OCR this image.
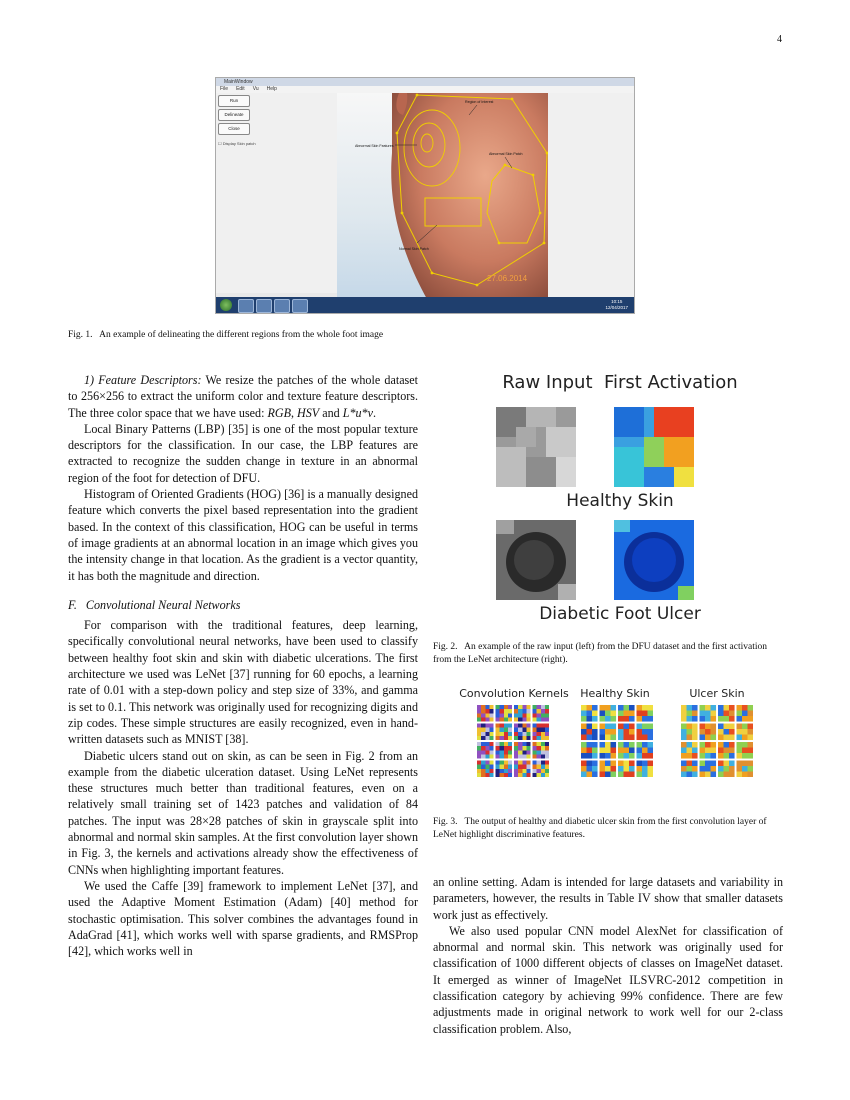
4
MainWindow
File Edit Vu Help
Run
Delineate
Close
☐ Display Skin patch
Region of Interest
Abnormal Skin Features
Abnormal Skin Patch
Normal Skin Patch
27.06.2014
10:15
12/04/2017
Fig. 1.  An example of delineating the different regions from the whole foot image

1) Feature Descriptors: We resize the patches of the whole dataset to 256×256 to extract the uniform color and texture feature descriptors. The three color space that we have used: RGB, HSV and L*u*v.

Local Binary Patterns (LBP) [35] is one of the most popular texture descriptors for the classification. In our case, the LBP features are extracted to recognize the sudden change in texture in an abnormal region of the foot for detection of DFU.

Histogram of Oriented Gradients (HOG) [36] is a manually designed feature which converts the pixel based representation into the gradient based. In the context of this classification, HOG can be useful in terms of image gradients at an abnormal location in an image which gives you the intensity change in that location. As the gradient is a vector quantity, it has both the magnitude and direction.

F.  Convolutional Neural Networks

For comparison with the traditional features, deep learning, specifically convolutional neural networks, have been used to classify between healthy foot skin and skin with diabetic ulcerations. The first architecture we used was LeNet [37] running for 60 epochs, a learning rate of 0.01 with a step-down policy and step size of 33%, and gamma is set to 0.1. This network was originally used for recognizing digits and zip codes. These simple structures are easily recognized, even in hand-written datasets such as MNIST [38].

Diabetic ulcers stand out on skin, as can be seen in Fig. 2 from an example from the diabetic ulceration dataset. Using LeNet represents these structures much better than traditional features, even on a relatively small training set of 1423 patches and validation of 84 patches. The input was 28×28 patches of skin in grayscale split into abnormal and normal skin samples. At the first convolution layer shown in Fig. 3, the kernels and activations already show the effectiveness of CNNs when highlighting important features.

We used the Caffe [39] framework to implement LeNet [37], and used the Adaptive Moment Estimation (Adam) [40] method for stochastic optimisation. This solver combines the advantages found in AdaGrad [41], which works well with sparse gradients, and RMSProp [42], which works well in

Raw Input First Activation
Healthy Skin
Diabetic Foot Ulcer
Fig. 2.  An example of the raw input (left) from the DFU dataset and the first activation from the LeNet architecture (right).
Convolution Kernels	Healthy Skin	Ulcer Skin
Fig. 3.  The output of healthy and diabetic ulcer skin from the first convolution layer of LeNet highlight discriminative features.

an online setting. Adam is intended for large datasets and variability in parameters, however, the results in Table IV show that smaller datasets work just as effectively.

We also used popular CNN model AlexNet for classification of abnormal and normal skin. This network was originally used for classification of 1000 different objects of classes on ImageNet dataset. It emerged as winner of ImageNet ILSVRC-2012 competition in classification category by achieving 99% confidence. There are few adjustments made in original network to work well for our 2-class classification problem. Also,
